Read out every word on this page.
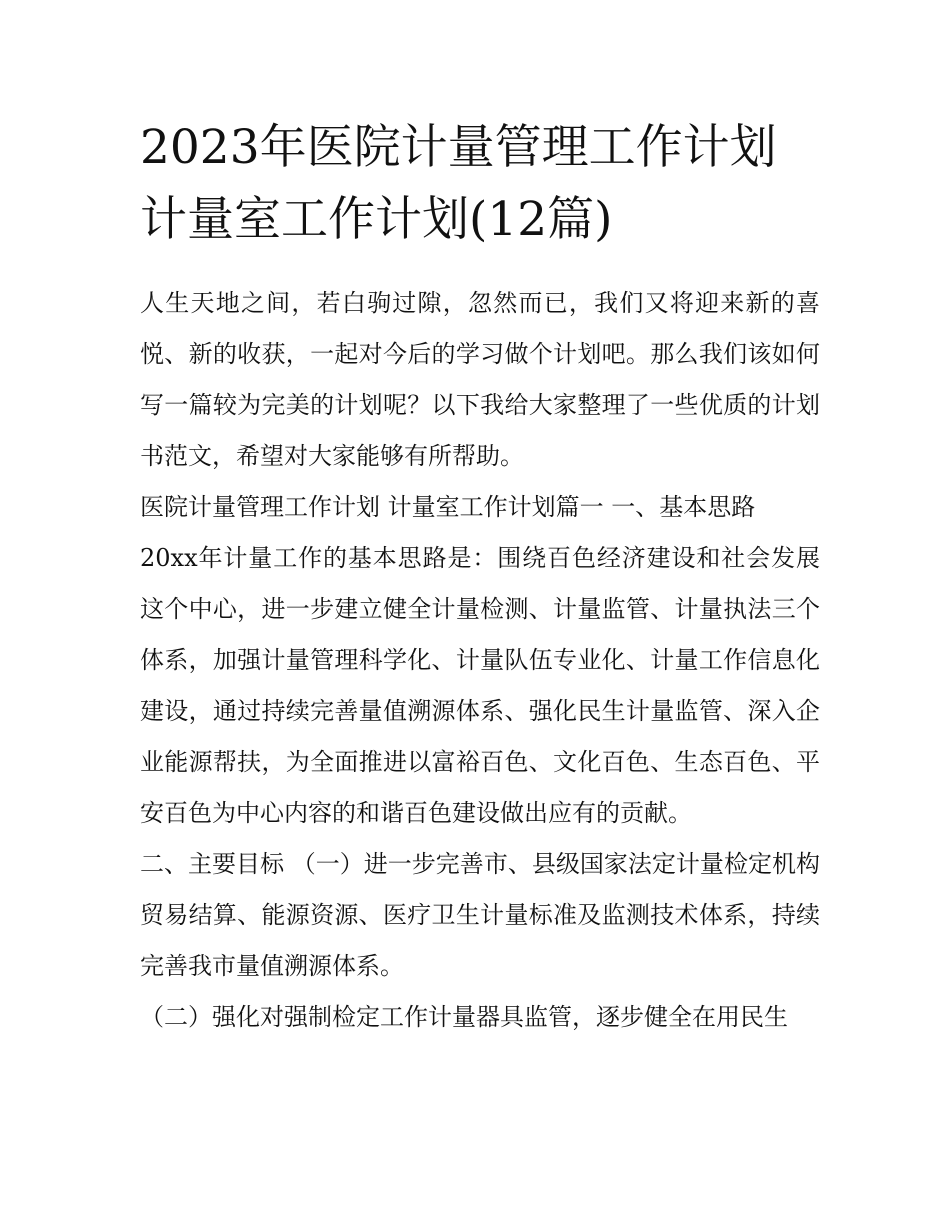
2023年医院计量管理工作计划
计量室工作计划(12篇)

人生天地之间，若白驹过隙，忽然而已，我们又将迎来新的喜悦、新的收获，一起对今后的学习做个计划吧。那么我们该如何写一篇较为完美的计划呢？以下我给大家整理了一些优质的计划书范文，希望对大家能够有所帮助。

医院计量管理工作计划 计量室工作计划篇一 一、基本思路

20xx年计量工作的基本思路是：围绕百色经济建设和社会发展这个中心，进一步建立健全计量检测、计量监管、计量执法三个体系，加强计量管理科学化、计量队伍专业化、计量工作信息化建设，通过持续完善量值溯源体系、强化民生计量监管、深入企业能源帮扶，为全面推进以富裕百色、文化百色、生态百色、平安百色为中心内容的和谐百色建设做出应有的贡献。

二、主要目标 （一）进一步完善市、县级国家法定计量检定机构贸易结算、能源资源、医疗卫生计量标准及监测技术体系，持续完善我市量值溯源体系。

（二）强化对强制检定工作计量器具监管，逐步健全在用民生
